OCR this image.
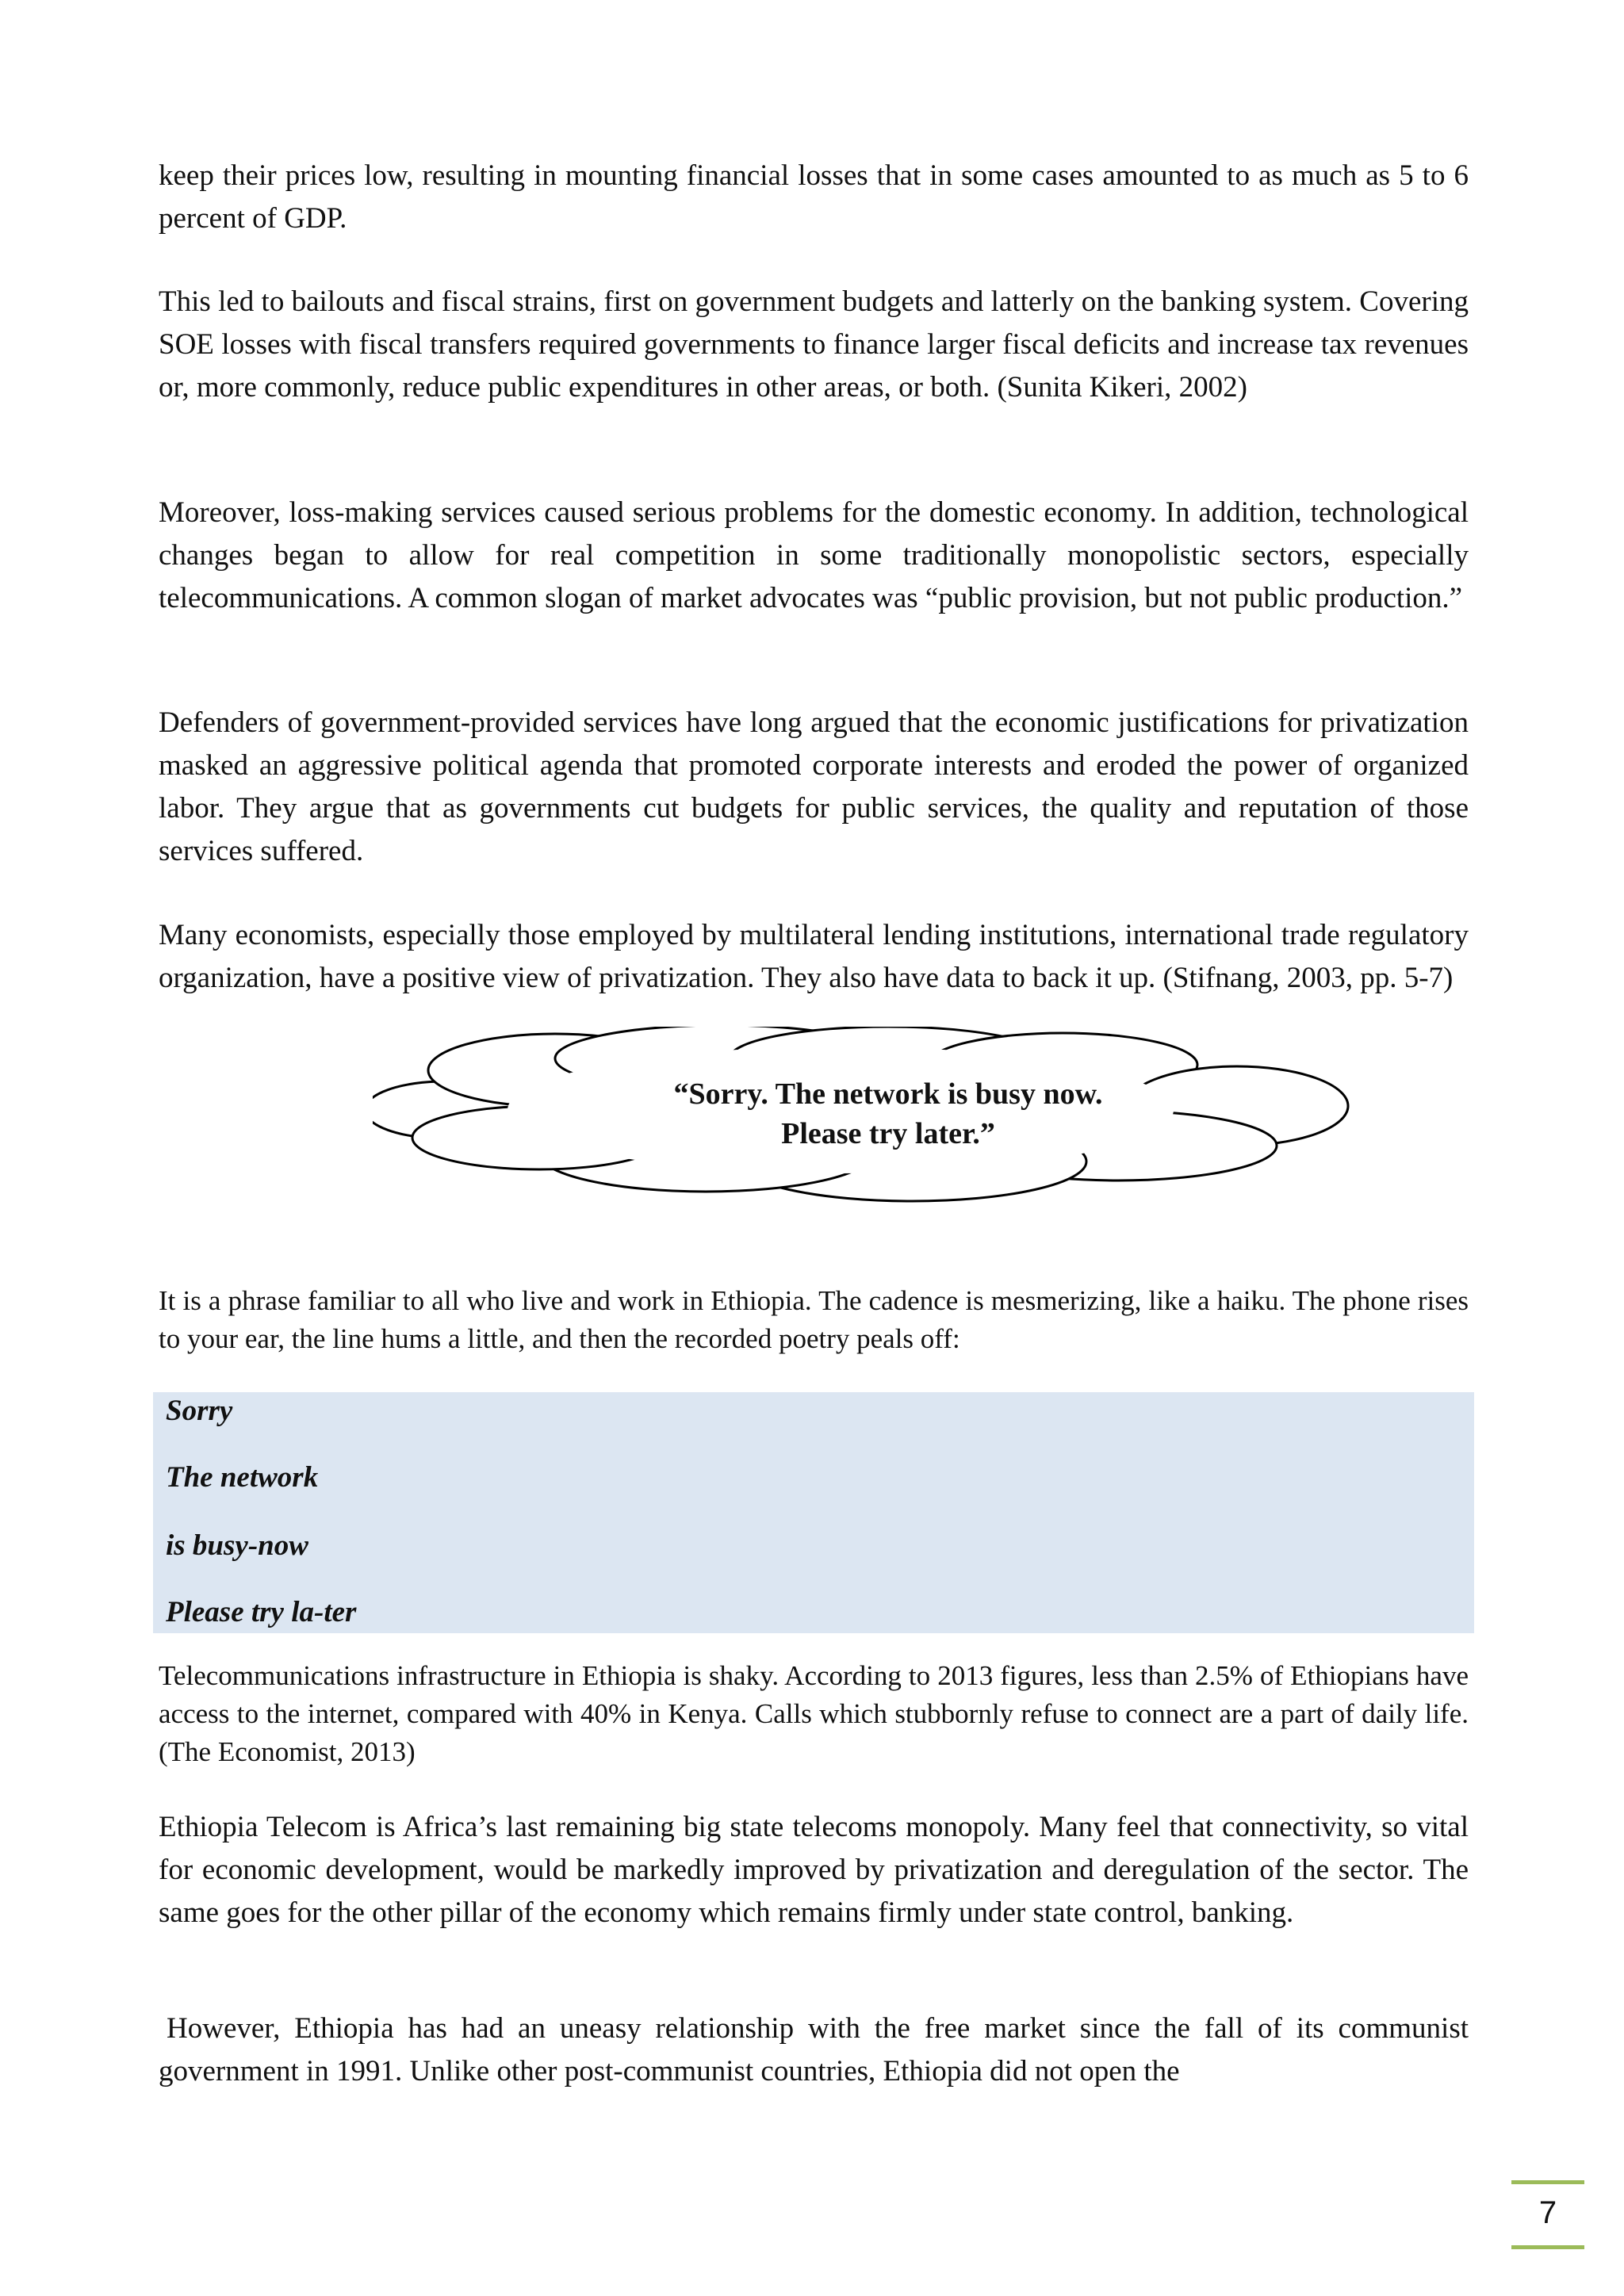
keep their prices low, resulting in mounting financial losses that in some cases amounted to as much as 5 to 6 percent of GDP.

This led to bailouts and fiscal strains, first on government budgets and latterly on the banking system. Covering SOE losses with fiscal transfers required governments to finance larger fiscal deficits and increase tax revenues or, more commonly, reduce public expenditures in other areas, or both. (Sunita Kikeri, 2002)

Moreover, loss-making services caused serious problems for the domestic economy. In addition, technological changes began to allow for real competition in some traditionally monopolistic sectors, especially telecommunications. A common slogan of market advocates was “public provision, but not public production.”

Defenders of government-provided services have long argued that the economic justifications for privatization masked an aggressive political agenda that promoted corporate interests and eroded the power of organized labor. They argue that as governments cut budgets for public services, the quality and reputation of those services suffered.

Many economists, especially those employed by multilateral lending institutions, international trade regulatory organization, have a positive view of privatization. They also have data to back it up. (Stifnang, 2003, pp. 5-7)

“Sorry. The network is busy now.
Please try later.”

It is a phrase familiar to all who live and work in Ethiopia. The cadence is mesmerizing, like a haiku. The phone rises to your ear, the line hums a little, and then the recorded poetry peals off:

Sorry
The network
is busy-now
Please try la-ter

Telecommunications infrastructure in Ethiopia is shaky. According to 2013 figures, less than 2.5% of Ethiopians have access to the internet, compared with 40% in Kenya. Calls which stubbornly refuse to connect are a part of daily life. (The Economist, 2013)

Ethiopia Telecom is Africa’s last remaining big state telecoms monopoly. Many feel that connectivity, so vital for economic development, would be markedly improved by privatization and deregulation of the sector. The same goes for the other pillar of the economy which remains firmly under state control, banking.

However, Ethiopia has had an uneasy relationship with the free market since the fall of its communist government in 1991. Unlike other post-communist countries, Ethiopia did not open the

7
